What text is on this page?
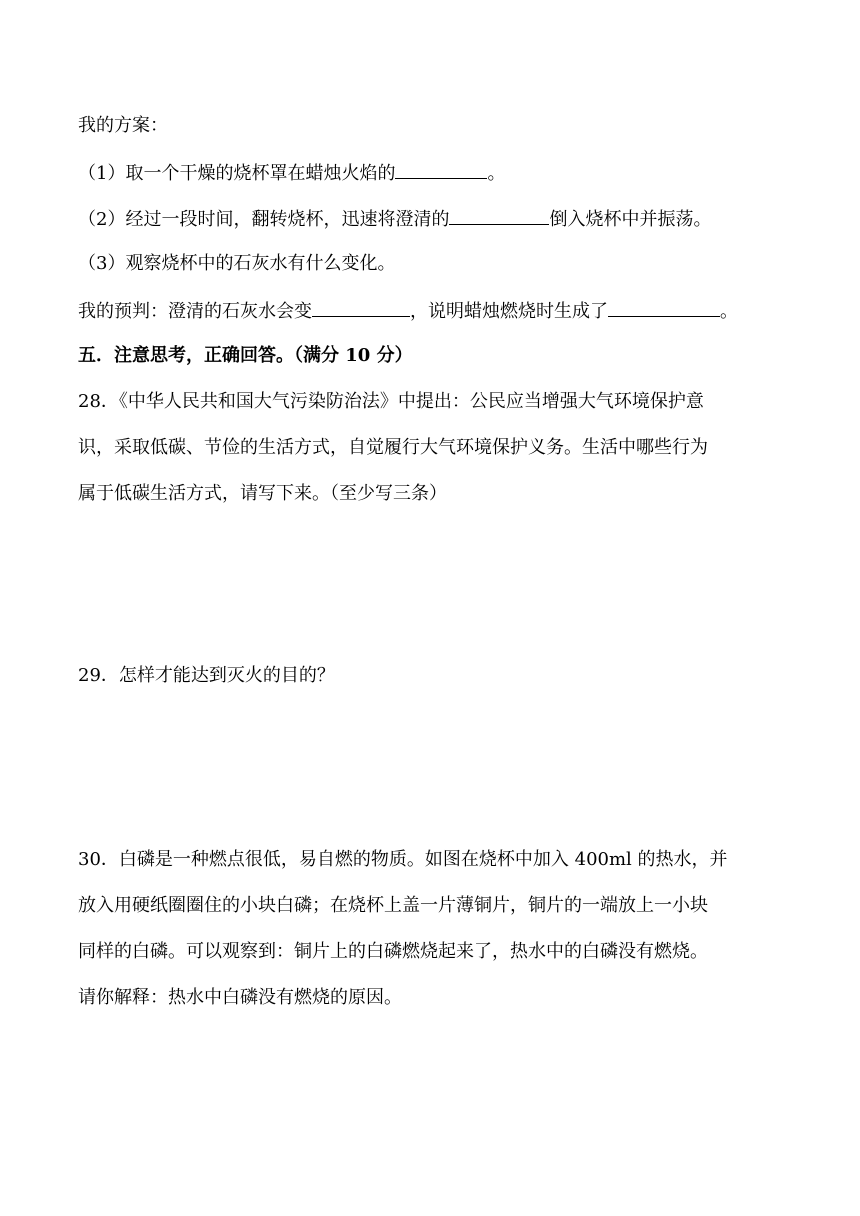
我的方案：
（1）取一个干燥的烧杯罩在蜡烛火焰的	。
（2）经过一段时间，翻转烧杯，迅速将澄清的	倒入烧杯中并振荡。
（3）观察烧杯中的石灰水有什么变化。
我的预判：澄清的石灰水会变	，说明蜡烛燃烧时生成了	。
五．注意思考，正确回答。（满分 10 分）
28．《中华人民共和国大气污染防治法》中提出：公民应当增强大气环境保护意
识，采取低碳、节俭的生活方式，自觉履行大气环境保护义务。生活中哪些行为
属于低碳生活方式，请写下来。（至少写三条）
29．怎样才能达到灭火的目的？
30．白磷是一种燃点很低，易自燃的物质。如图在烧杯中加入 400ml 的热水，并
放入用硬纸圈圈住的小块白磷；在烧杯上盖一片薄铜片，铜片的一端放上一小块
同样的白磷。可以观察到：铜片上的白磷燃烧起来了，热水中的白磷没有燃烧。
请你解释：热水中白磷没有燃烧的原因。
